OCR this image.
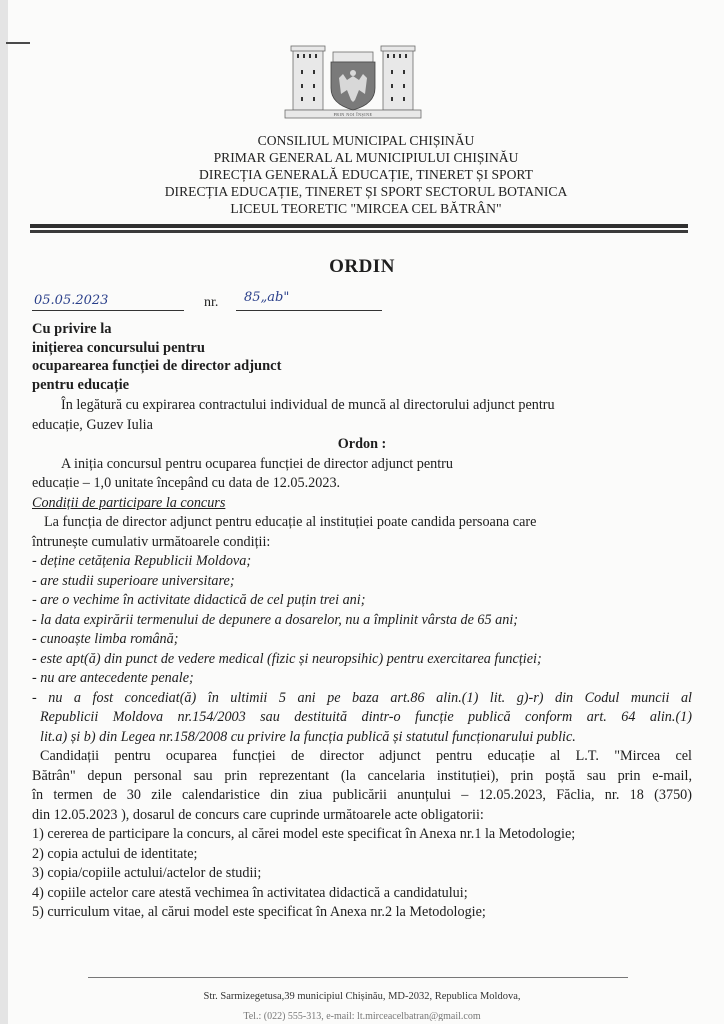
PRIN NOI ÎNȘINE
CONSILIUL MUNICIPAL CHIȘINĂU
PRIMAR GENERAL AL MUNICIPIULUI CHIȘINĂU
DIRECȚIA GENERALĂ EDUCAȚIE, TINERET ȘI SPORT
DIRECȚIA EDUCAȚIE, TINERET ȘI SPORT SECTORUL BOTANICA
LICEUL TEORETIC "MIRCEA CEL BĂTRÂN"
ORDIN
05.05.2023	nr. 85„ab"
Cu privire la
inițierea concursului pentru
ocuparearea funcției de director adjunct
pentru educație
În legătură cu expirarea contractului individual de muncă al directorului adjunct pentru
educație, Guzev Iulia
Ordon :
A iniția concursul pentru ocuparea funcției de director adjunct pentru
educație – 1,0 unitate începând cu data de 12.05.2023.
Condiții de participare la concurs
La funcția de director adjunct pentru educație al instituției poate candida persoana care
întrunește cumulativ următoarele condiții:
- deține cetățenia Republicii Moldova;
- are studii superioare universitare;
- are o vechime în activitate didactică de cel puțin trei ani;
- la data expirării termenului de depunere a dosarelor, nu a împlinit vârsta de 65 ani;
- cunoaște limba română;
- este apt(ă) din punct de vedere medical (fizic și neuropsihic) pentru exercitarea funcției;
- nu are antecedente penale;
- nu a fost concediat(ă) în ultimii 5 ani pe baza art.86 alin.(1) lit. g)-r) din Codul muncii al
Republicii Moldova nr.154/2003 sau destituită dintr-o funcție publică conform art. 64 alin.(1)
lit.a) și b) din Legea nr.158/2008 cu privire la funcția publică și statutul funcționarului public.
Candidații pentru ocuparea funcției de director adjunct pentru educație al L.T. "Mircea cel
Bătrân" depun personal sau prin reprezentant (la cancelaria instituției), prin poștă sau prin e-mail,
în termen de 30 zile calendaristice din ziua publicării anunțului – 12.05.2023, Făclia, nr. 18 (3750)
din 12.05.2023 ), dosarul de concurs care cuprinde următoarele acte obligatorii:
1) cererea de participare la concurs, al cărei model este specificat în Anexa nr.1 la Metodologie;
2) copia actului de identitate;
3) copia/copiile actului/actelor de studii;
4) copiile actelor care atestă vechimea în activitatea didactică a candidatului;
5) curriculum vitae, al cărui model este specificat în Anexa nr.2 la Metodologie;
Str. Sarmizegetusa,39 municipiul Chișinău, MD-2032, Republica Moldova,
Tel.: (022) 555-313, e-mail: lt.mirceacelbatran@gmail.com
